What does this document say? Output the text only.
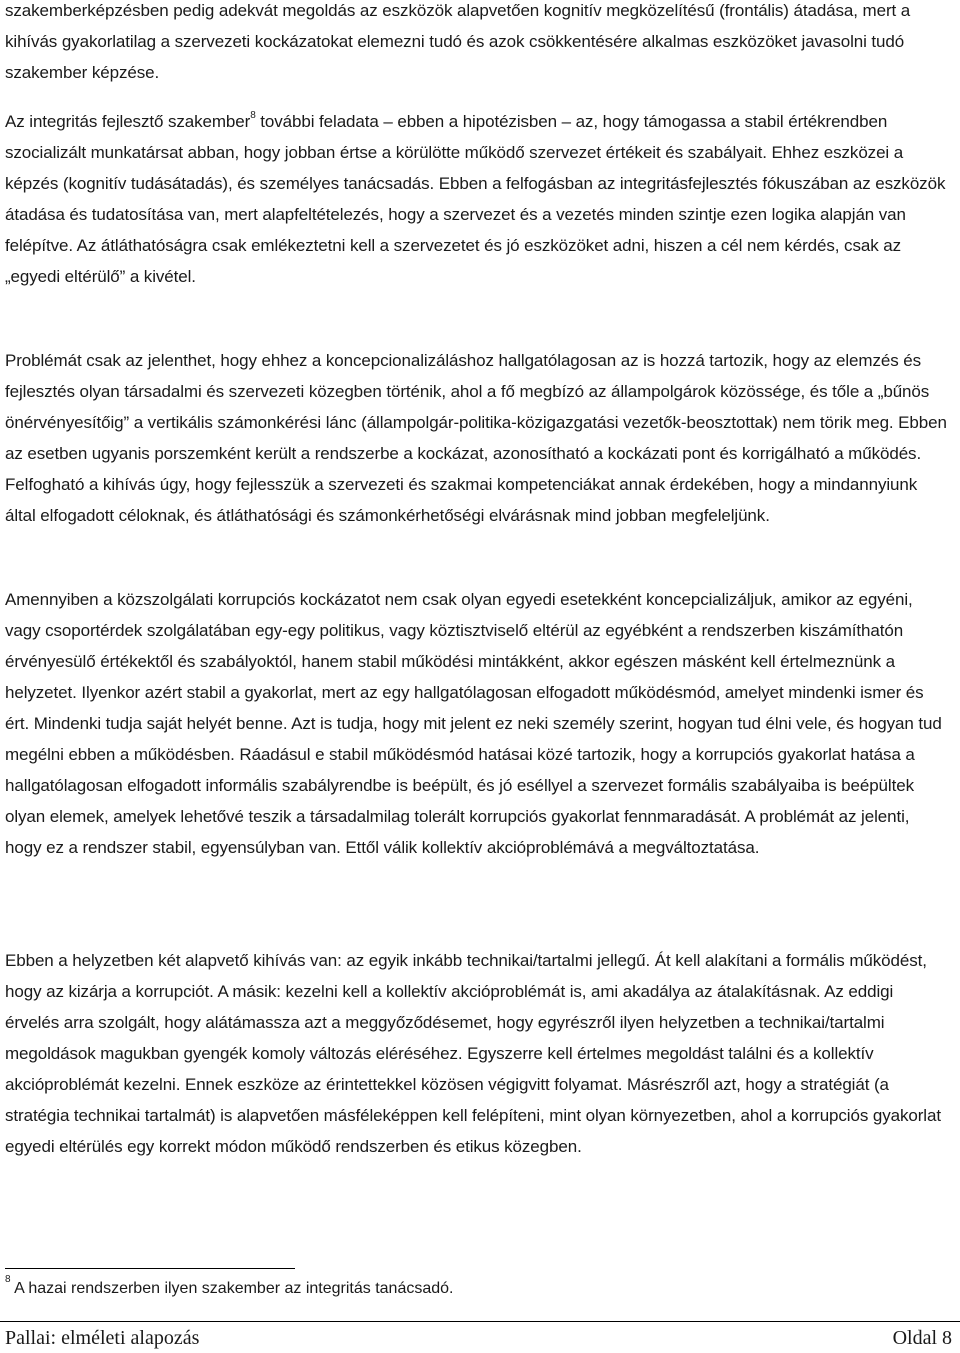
szakemberképzésben pedig adekvát megoldás az eszközök alapvetően kognitív megközelítésű (frontális) átadása, mert a kihívás gyakorlatilag a szervezeti kockázatokat elemezni tudó és azok csökkentésére alkalmas eszközöket javasolni tudó szakember képzése.

Az integritás fejlesztő szakember$^8$ további feladata – ebben a hipotézisben – az, hogy támogassa a stabil értékrendben szocializált munkatársat abban, hogy jobban értse a körülötte működő szervezet értékeit és szabályait. Ehhez eszközei a képzés (kognitív tudásátadás), és személyes tanácsadás. Ebben a felfogásban az integritásfejlesztés fókuszában az eszközök átadása és tudatosítása van, mert alapfeltételezés, hogy a szervezet és a vezetés minden szintje ezen logika alapján van felépítve. Az átláthatóságra csak emlékeztetni kell a szervezetet és jó eszközöket adni, hiszen a cél nem kérdés, csak az „egyedi eltérülő” a kivétel.

Problémát csak az jelenthet, hogy ehhez a koncepcionalizáláshoz hallgatólagosan az is hozzá tartozik, hogy az elemzés és fejlesztés olyan társadalmi és szervezeti közegben történik, ahol a fő megbízó az állampolgárok közössége, és tőle a „bűnös önérvényesítőig” a vertikális számonkérési lánc (állampolgár-politika-közigazgatási vezetők-beosztottak) nem törik meg. Ebben az esetben ugyanis porszemként került a rendszerbe a kockázat, azonosítható a kockázati pont és korrigálható a működés. Felfogható a kihívás úgy, hogy fejlesszük a szervezeti és szakmai kompetenciákat annak érdekében, hogy a mindannyiunk által elfogadott céloknak, és átláthatósági és számonkérhetőségi elvárásnak mind jobban megfeleljünk.

Amennyiben a közszolgálati korrupciós kockázatot nem csak olyan egyedi esetekként koncepcializáljuk, amikor az egyéni, vagy csoportérdek szolgálatában egy-egy politikus, vagy köztisztviselő eltérül az egyébként a rendszerben kiszámíthatón érvényesülő értékektől és szabályoktól, hanem stabil működési mintákként, akkor egészen másként kell értelmeznünk a helyzetet. Ilyenkor azért stabil a gyakorlat, mert az egy hallgatólagosan elfogadott működésmód, amelyet mindenki ismer és ért. Mindenki tudja saját helyét benne. Azt is tudja, hogy mit jelent ez neki személy szerint, hogyan tud élni vele, és hogyan tud megélni ebben a működésben. Ráadásul e stabil működésmód hatásai közé tartozik, hogy a korrupciós gyakorlat hatása a hallgatólagosan elfogadott informális szabályrendbe is beépült, és jó eséllyel a szervezet formális szabályaiba is beépültek olyan elemek, amelyek lehetővé teszik a társadalmilag tolerált korrupciós gyakorlat fennmaradását. A problémát az jelenti, hogy ez a rendszer stabil, egyensúlyban van. Ettől válik kollektív akcióproblémává a megváltoztatása.

Ebben a helyzetben két alapvető kihívás van: az egyik inkább technikai/tartalmi jellegű. Át kell alakítani a formális működést, hogy az kizárja a korrupciót. A másik: kezelni kell a kollektív akcióproblémát is, ami akadálya az átalakításnak. Az eddigi érvelés arra szolgált, hogy alátámassza azt a meggyőződésemet, hogy egyrészről ilyen helyzetben a technikai/tartalmi megoldások magukban gyengék komoly változás eléréséhez. Egyszerre kell értelmes megoldást találni és a kollektív akcióproblémát kezelni. Ennek eszköze az érintettekkel közösen végigvitt folyamat. Másrészről azt, hogy a stratégiát (a stratégia technikai tartalmát) is alapvetően másféleképpen kell felépíteni, mint olyan környezetben, ahol a korrupciós gyakorlat egyedi eltérülés egy korrekt módon működő rendszerben és etikus közegben.

$^8$ A hazai rendszerben ilyen szakember az integritás tanácsadó.
Pallai: elméleti alapozás	Oldal 8
